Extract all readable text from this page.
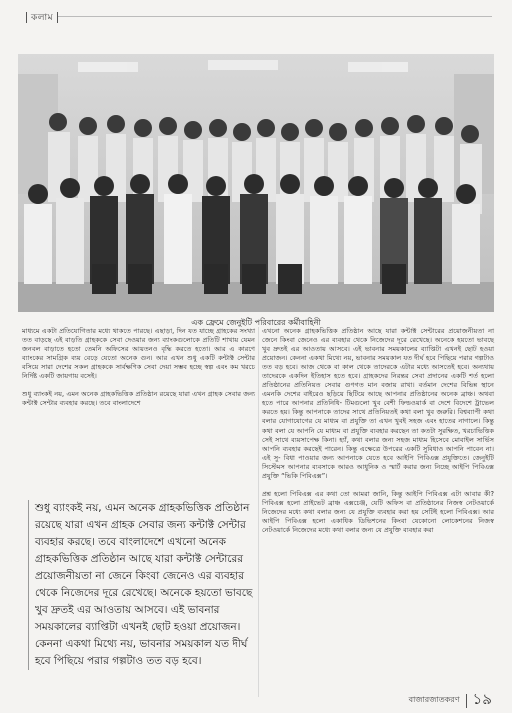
কলাম
এক ফ্রেমে জেনুইটি পরিবারের কর্মীবাহিনী

মাধ্যমে একটা প্রতিযোগিতার মধ্যে থাকতে পারছে। এছাড়া, দিন যত যাচ্ছে গ্রাহকের সংখ্যা তত বাড়ছে এই বাড়তি গ্রাহককে সেবা দেওয়ার জন্য ব্যাংকগুলোকে প্রতিটি শাখায় যেমন জনবল বাড়াতে হতো তেমনি অফিসের আয়তনও বৃদ্ধি করতে হতো। আর এ কারণে ব্যাংকের সামগ্রিক ব্যয় বেড়ে যেতো অনেক গুন। আর এখন শুধু একটি কন্টাক্ট সেন্টার বসিয়ে সারা দেশের সকল গ্রাহককে সার্বক্ষণিক সেবা দেয়া সম্ভব হচ্ছে স্বল্প এবং কম খরচে নির্দিষ্ট একটি জায়গায় বসেই।

শুধু ব্যাংকই নয়, এমন অনেক গ্রাহকভিত্তিক প্রতিষ্ঠান রয়েছে যারা এখন গ্রাহক সেবার জন্য কন্টাক্ট সেন্টার ব্যবহার করছে। তবে বাংলাদেশে

শুধু ব্যাংকই নয়, এমন অনেক গ্রাহকভিত্তিক প্রতিষ্ঠান রয়েছে যারা এখন গ্রাহক সেবার জন্য কন্টাক্ট সেন্টার ব্যবহার করছে। তবে বাংলাদেশে এখনো অনেক গ্রাহকভিত্তিক প্রতিষ্ঠান আছে যারা কন্টাক্ট সেন্টারের প্রয়োজনীয়তা না জেনে কিংবা জেনেও এর ব্যবহার থেকে নিজেদের দূরে রেখেছে। অনেকে হয়তো ভাবছে খুব দ্রুতই এর আওতায় আসবে। এই ভাবনার সময়কালের ব্যাপ্তিটা এখনই ছোট হওয়া প্রয়োজন। কেননা একথা মিথ্যে নয়, ভাবনার সময়কাল যত দীর্ঘ হবে পিছিয়ে পরার গল্পটাও তত বড় হবে।

এখনো অনেক গ্রাহকভিত্তিক প্রতিষ্ঠান আছে যারা কন্টাক্ট সেন্টারের প্রয়োজনীয়তা না জেনে কিংবা জেনেও এর ব্যবহার থেকে নিজেদের দূরে রেখেছে। অনেকে হয়তো ভাবছে খুব দ্রুতই এর আওতায় আসবে। এই ভাবনার সময়কালের ব্যাপ্তিটা এখনই ছোট হওয়া প্রয়োজন। কেননা একথা মিথ্যে নয়, ভাবনার সময়কাল যত দীর্ঘ হবে পিছিয়ে পরার গল্পটাও তত বড় হবে। আজ থেকে বা কাল থেকে তাদেরকে এটার মধ্যে আসতেই হবে। অন্যথায় তাদেরকে একদিন ইতিহাস হতে হবে। গ্রাহকদের নিরন্তর সেবা প্রদানের একটি শর্ত হলো প্রতিষ্ঠানের প্রতিনিয়ত সেবার গুণগত মান বজায় রাখা। বর্তমান দেশের বিভিন্ন স্থানে এমনকি দেশের বাইরেও ছড়িয়ে ছিটিয়ে আছে আপনার প্রতিষ্ঠানের অনেক ব্রাঞ্চ। অথবা হতে পারে আপনার প্রতিনিধি- টিমগুলো খুব বেশী ফিল্ডওয়ার্ক বা দেশে বিদেশে ট্রাভেল করতে হয়। কিন্তু আপনাকে তাদের সাথে প্রতিনিয়তই কথা বলা খুব জরুরি। বিশ্বব্যাপী কথা বলার যোগাযোগের যে মাধ্যম বা প্রযুক্তি তা এখন খুবই সহজ এবং হাতের নাগালে। কিন্তু কথা বলা যে আপনি যে মাধ্যম বা প্রযুক্তি ব্যবহার করছেন তা কতটা সুরক্ষিত, খরচাভিত্তিক সেই সাথে ব্যয়সাপেক্ষ কিনা। হ্যাঁ, কথা বলার জন্য সহজ মাধ্যম হিসেবে মোবাইল সার্ভিস আপনি ব্যবহার করছেই পারেন। কিন্তু এক্ষেত্রে উপরের একটি সুবিধাও আপনি পাবেন না। এই সু- বিধা পাওয়ার জন্য আপনাকে যেতে হবে আইপি পিবিএক্স প্রযুক্তিতে। জেনুইটি সিস্টেমস আপনার ব্যবসাকে আরও আধুনিক ও স্মার্ট করার জন্য নিচ্ছে আইপি পিবিএক্স প্রযুক্তি “ভিকি পিবিএক্স”।

প্রশ্ন হলো পিবিএক্স এর কথা তো আমরা জানি, কিন্তু আইপি পিবিএক্স এটা আবার কী? পিবিএক্স হলো প্রাইভেট ব্রাঞ্চ এক্সচেঞ্জ, যেটি অফিস বা প্রতিষ্ঠানের নিজস্ব নেটওয়ার্কে নিজেদের মধ্যে কথা বলার জন্য যে প্রযুক্তি ব্যবহার করা হয় সেটিই হলো পিবিএক্স। আর আইপি পিবিএক্স হলো একাধিক ডিভিশনের কিংবা যেকোনো লোকেশনের নিজস্ব নেটওয়ার্কে নিজেদের মধ্যে কথা বলার জন্য যে প্রযুক্তি ব্যবহার করা

বাজারজাতকরণ ১৯
